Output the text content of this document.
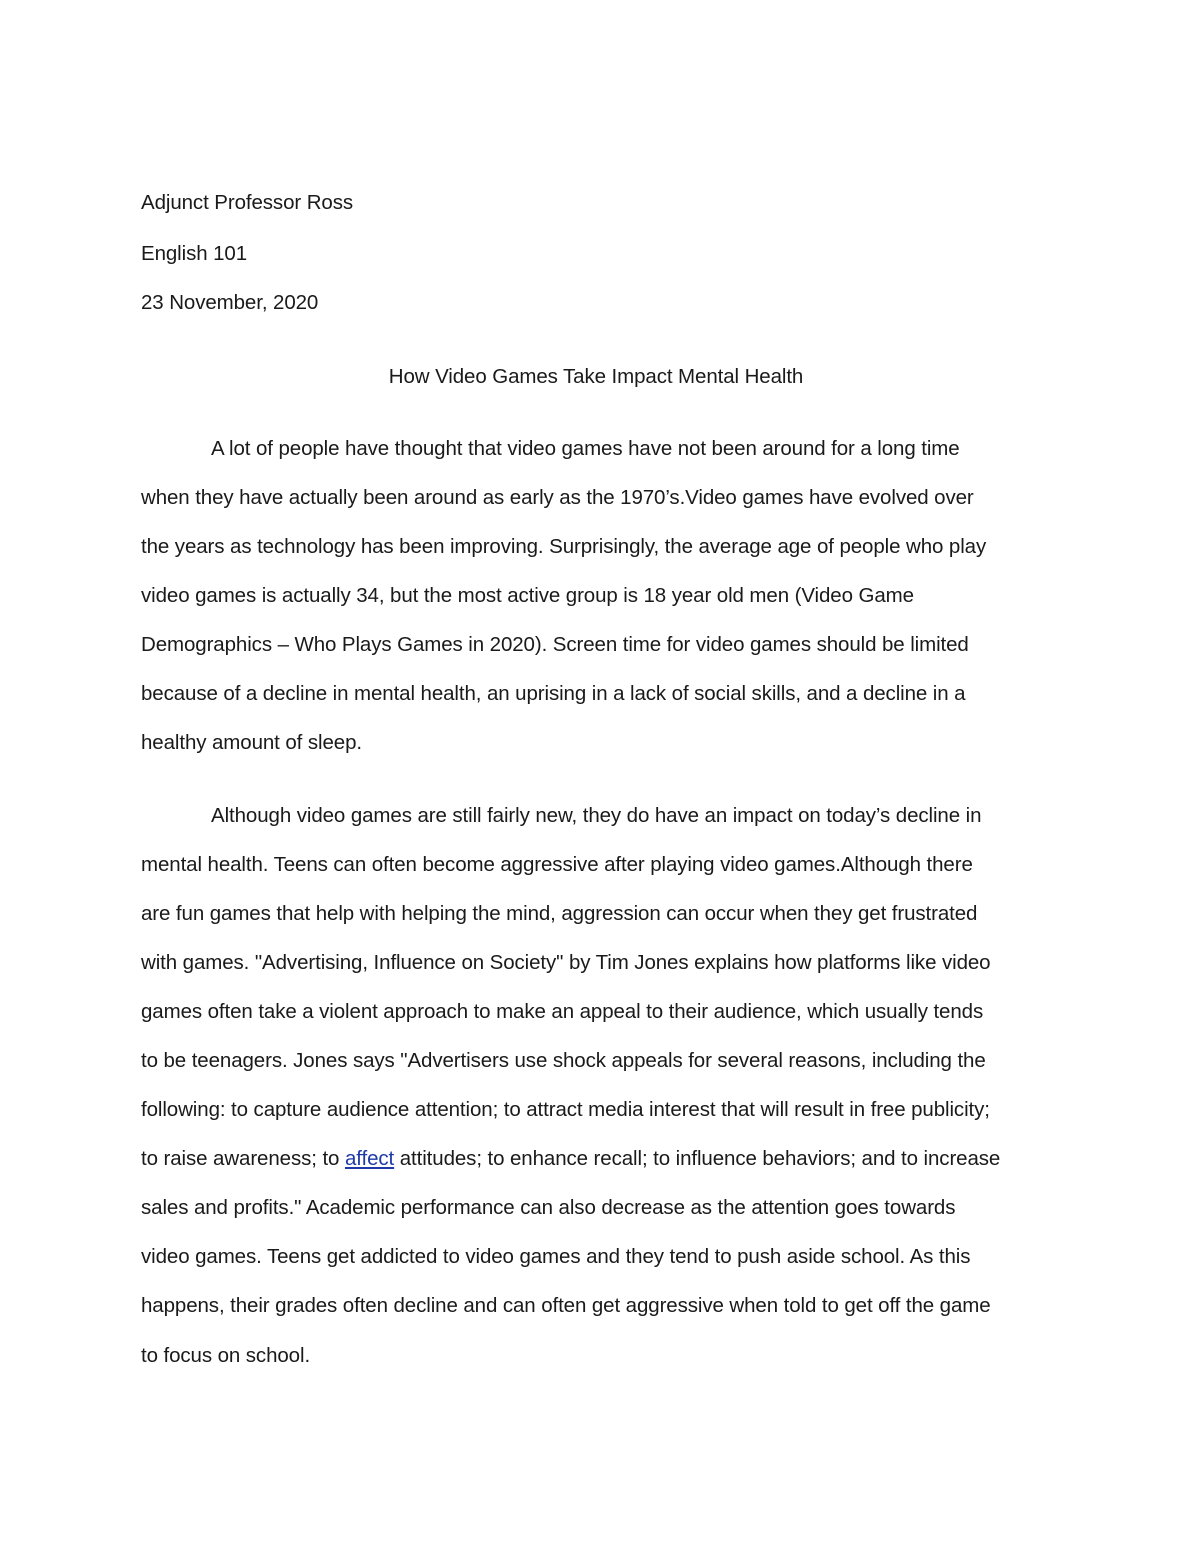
Adjunct Professor Ross
English 101
23 November, 2020
How Video Games Take Impact Mental Health
A lot of people have thought that video games have not been around for a long time
when they have actually been around as early as the 1970’s.Video games have evolved over
the years as technology has been improving. Surprisingly, the average age of people who play
video games is actually 34, but the most active group is 18 year old men (Video Game
Demographics – Who Plays Games in 2020). Screen time for video games should be limited
because of a decline in mental health, an uprising in a lack of social skills, and a decline in a
healthy amount of sleep.
Although video games are still fairly new, they do have an impact on today’s decline in
mental health. Teens can often become aggressive after playing video games.Although there
are fun games that help with helping the mind, aggression can occur when they get frustrated
with games. "Advertising, Influence on Society" by Tim Jones explains how platforms like video
games often take a violent approach to make an appeal to their audience, which usually tends
to be teenagers. Jones says "Advertisers use shock appeals for several reasons, including the
following: to capture audience attention; to attract media interest that will result in free publicity;
to raise awareness; to affect attitudes; to enhance recall; to influence behaviors; and to increase
sales and profits." Academic performance can also decrease as the attention goes towards
video games. Teens get addicted to video games and they tend to push aside school. As this
happens, their grades often decline and can often get aggressive when told to get off the game
to focus on school.
